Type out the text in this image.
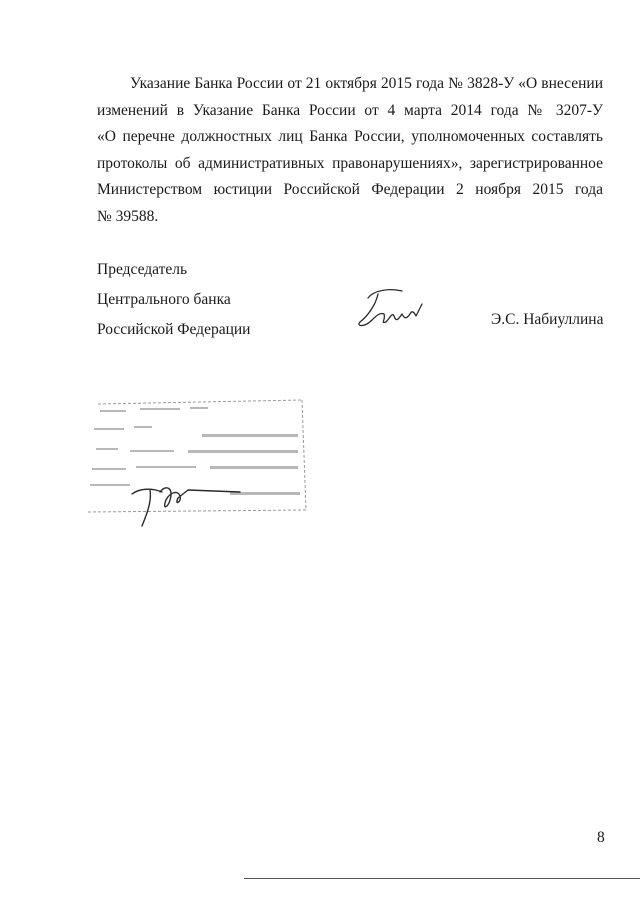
Указание Банка России от 21 октября 2015 года № 3828-У «О внесении
изменений в Указание Банка России от 4 марта 2014 года № 3207-У
«О перечне должностных лиц Банка России, уполномоченных составлять
протоколы об административных правонарушениях», зарегистрированное
Министерством юстиции Российской Федерации 2 ноября 2015 года
№ 39588.
Председатель
Центрального банка
Российской Федерации
Э.С. Набиуллина
8
